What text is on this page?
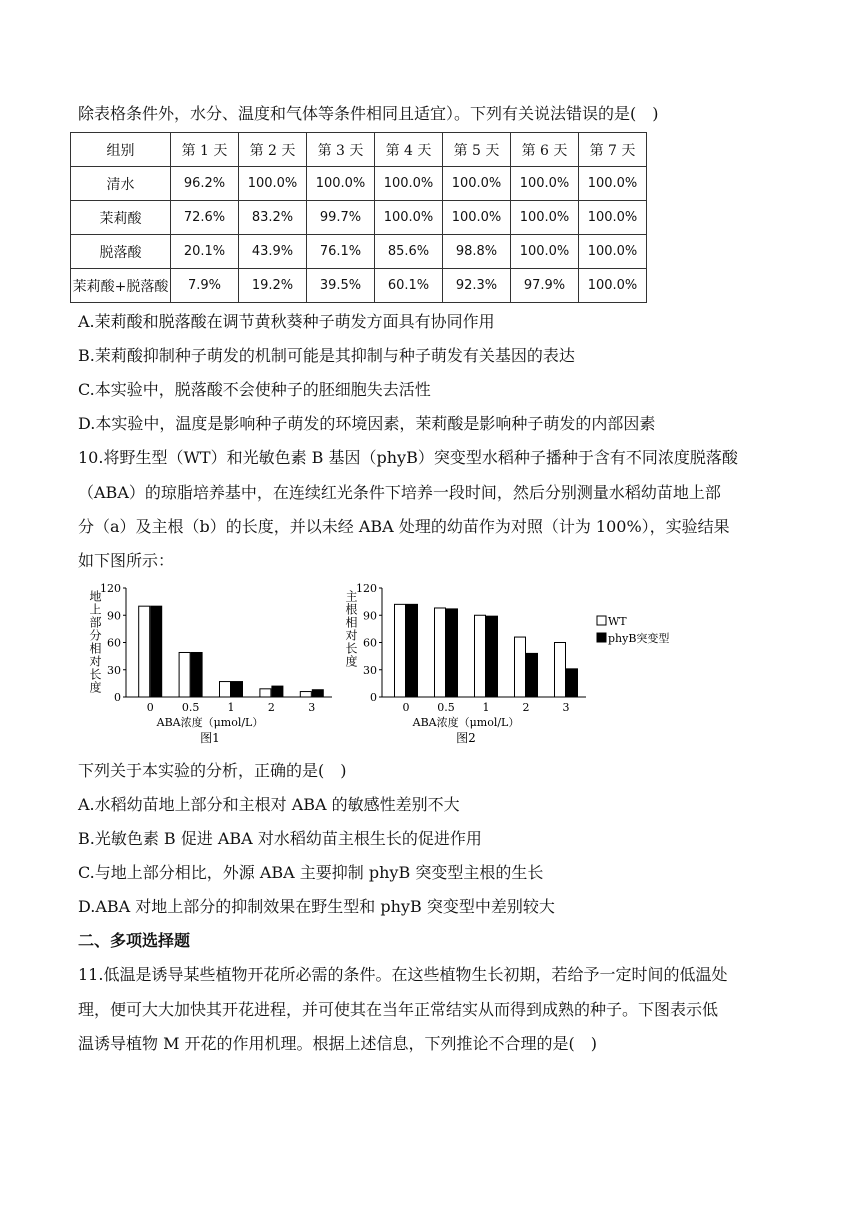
除表格条件外，水分、温度和气体等条件相同且适宜）。下列有关说法错误的是(　)
组别	第 1 天	第 2 天	第 3 天	第 4 天	第 5 天	第 6 天	第 7 天
清水	96.2%	100.0%	100.0%	100.0%	100.0%	100.0%	100.0%
茉莉酸	72.6%	83.2%	99.7%	100.0%	100.0%	100.0%	100.0%
脱落酸	20.1%	43.9%	76.1%	85.6%	98.8%	100.0%	100.0%
茉莉酸+脱落酸	7.9%	19.2%	39.5%	60.1%	92.3%	97.9%	100.0%
A.茉莉酸和脱落酸在调节黄秋葵种子萌发方面具有协同作用
B.茉莉酸抑制种子萌发的机制可能是其抑制与种子萌发有关基因的表达
C.本实验中，脱落酸不会使种子的胚细胞失去活性
D.本实验中，温度是影响种子萌发的环境因素，茉莉酸是影响种子萌发的内部因素
10.将野生型（WT）和光敏色素 B 基因（phyB）突变型水稻种子播种于含有不同浓度脱落酸
（ABA）的琼脂培养基中，在连续红光条件下培养一段时间，然后分别测量水稻幼苗地上部
分（a）及主根（b）的长度，并以未经 ABA 处理的幼苗作为对照（计为 100%），实验结果
如下图所示：
0
30
60
90
120
地上部分相对长度
0	0.5	1	2	3
ABA浓度（μmol/L）
图1
0
30
60
90
120
主根相对长度
0	0.5	1	2	3
ABA浓度（μmol/L）
图2
WT
phyB突变型
下列关于本实验的分析，正确的是(　)
A.水稻幼苗地上部分和主根对 ABA 的敏感性差别不大
B.光敏色素 B 促进 ABA 对水稻幼苗主根生长的促进作用
C.与地上部分相比，外源 ABA 主要抑制 phyB 突变型主根的生长
D.ABA 对地上部分的抑制效果在野生型和 phyB 突变型中差别较大
二、多项选择题
11.低温是诱导某些植物开花所必需的条件。在这些植物生长初期，若给予一定时间的低温处
理，便可大大加快其开花进程，并可使其在当年正常结实从而得到成熟的种子。下图表示低
温诱导植物 M 开花的作用机理。根据上述信息，下列推论不合理的是(　)
